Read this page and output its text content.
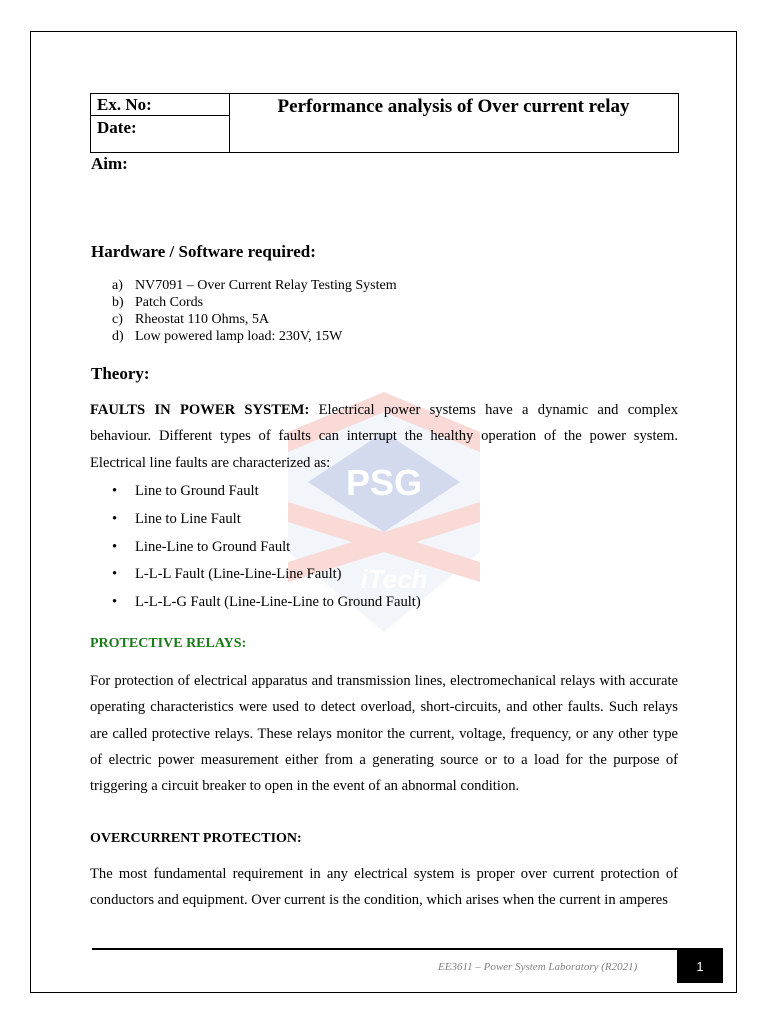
PSG
iTech
Ex. No:
Date:
Performance analysis of Over current relay
Aim:
Hardware / Software required:
a) NV7091 – Over Current Relay Testing System
b) Patch Cords
c) Rheostat 110 Ohms, 5A
d) Low powered lamp load: 230V, 15W
Theory:
FAULTS IN POWER SYSTEM: Electrical power systems have a dynamic and complex behaviour. Different types of faults can interrupt the healthy operation of the power system. Electrical line faults are characterized as:
• Line to Ground Fault
• Line to Line Fault
• Line-Line to Ground Fault
• L-L-L Fault (Line-Line-Line Fault)
• L-L-L-G Fault (Line-Line-Line to Ground Fault)
PROTECTIVE RELAYS:
For protection of electrical apparatus and transmission lines, electromechanical relays with accurate operating characteristics were used to detect overload, short-circuits, and other faults. Such relays are called protective relays. These relays monitor the current, voltage, frequency, or any other type of electric power measurement either from a generating source or to a load for the purpose of triggering a circuit breaker to open in the event of an abnormal condition.
OVERCURRENT PROTECTION:
The most fundamental requirement in any electrical system is proper over current protection of conductors and equipment. Over current is the condition, which arises when the current in amperes
EE3611 – Power System Laboratory (R2021)	1
